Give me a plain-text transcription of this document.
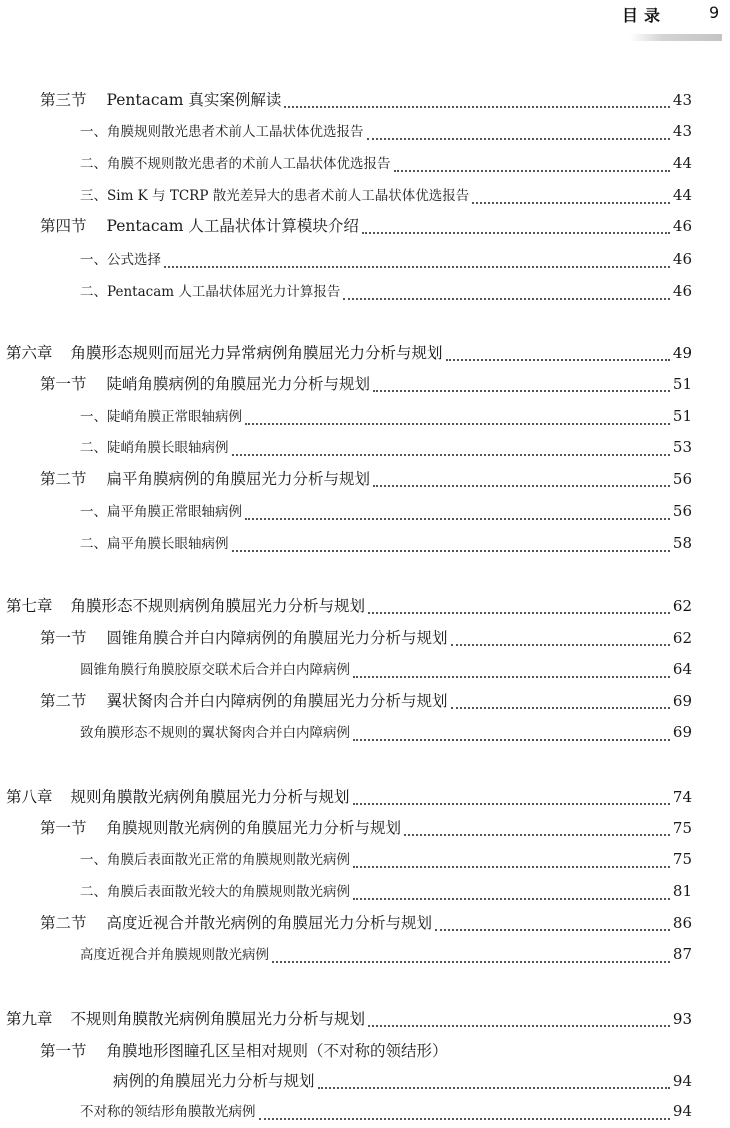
目录	9
第三节 Pentacam 真实案例解读	43
一、角膜规则散光患者术前人工晶状体优选报告	43
二、角膜不规则散光患者的术前人工晶状体优选报告	44
三、Sim K 与 TCRP 散光差异大的患者术前人工晶状体优选报告	44
第四节 Pentacam 人工晶状体计算模块介绍	46
一、公式选择	46
二、Pentacam 人工晶状体屈光力计算报告	46
第六章 角膜形态规则而屈光力异常病例角膜屈光力分析与规划	49
第一节 陡峭角膜病例的角膜屈光力分析与规划	51
一、陡峭角膜正常眼轴病例	51
二、陡峭角膜长眼轴病例	53
第二节 扁平角膜病例的角膜屈光力分析与规划	56
一、扁平角膜正常眼轴病例	56
二、扁平角膜长眼轴病例	58
第七章 角膜形态不规则病例角膜屈光力分析与规划	62
第一节 圆锥角膜合并白内障病例的角膜屈光力分析与规划	62
圆锥角膜行角膜胶原交联术后合并白内障病例	64
第二节 翼状胬肉合并白内障病例的角膜屈光力分析与规划	69
致角膜形态不规则的翼状胬肉合并白内障病例	69
第八章 规则角膜散光病例角膜屈光力分析与规划	74
第一节 角膜规则散光病例的角膜屈光力分析与规划	75
一、角膜后表面散光正常的角膜规则散光病例	75
二、角膜后表面散光较大的角膜规则散光病例	81
第二节 高度近视合并散光病例的角膜屈光力分析与规划	86
高度近视合并角膜规则散光病例	87
第九章 不规则角膜散光病例角膜屈光力分析与规划	93
第一节 角膜地形图瞳孔区呈相对规则（不对称的领结形）
病例的角膜屈光力分析与规划	94
不对称的领结形角膜散光病例	94
